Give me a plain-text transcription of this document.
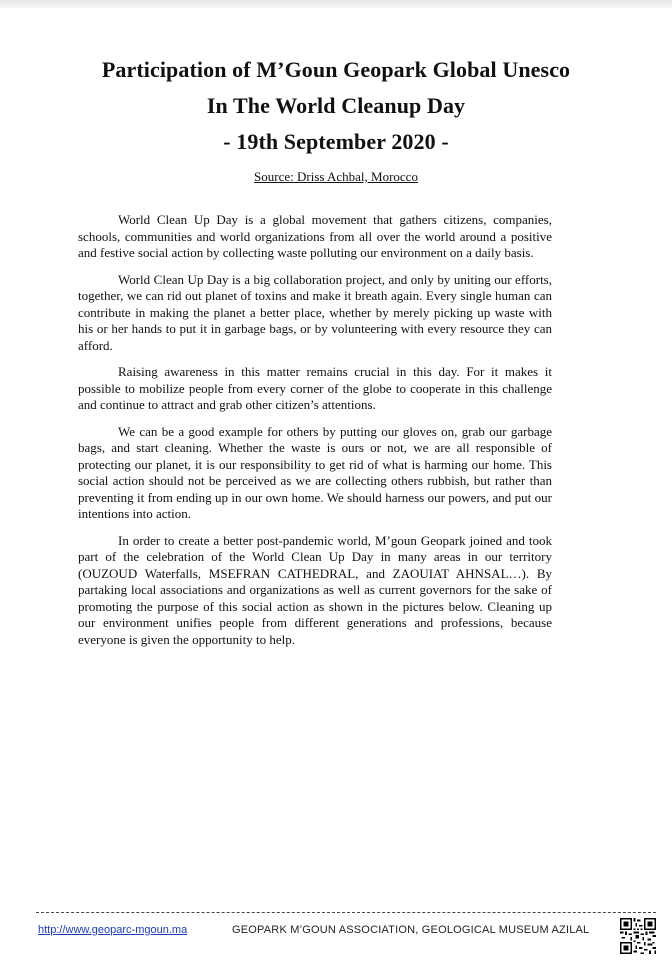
Participation of M’Goun Geopark Global Unesco

In The World Cleanup Day

- 19th September 2020 -

Source: Driss Achbal, Morocco

World Clean Up Day is a global movement that gathers citizens, companies, schools, communities and world organizations from all over the world around a positive and festive social action by collecting waste polluting our environment on a daily basis.

World Clean Up Day is a big collaboration project, and only by uniting our efforts, together, we can rid out planet of toxins and make it breath again. Every single human can contribute in making the planet a better place, whether by merely picking up waste with his or her hands to put it in garbage bags, or by volunteering with every resource they can afford.

Raising awareness in this matter remains crucial in this day. For it makes it possible to mobilize people from every corner of the globe to cooperate in this challenge and continue to attract and grab other citizen’s attentions.

We can be a good example for others by putting our gloves on, grab our garbage bags, and start cleaning. Whether the waste is ours or not, we are all responsible of protecting our planet, it is our responsibility to get rid of what is harming our home. This social action should not be perceived as we are collecting others rubbish, but rather than preventing it from ending up in our own home. We should harness our powers, and put our intentions into action.

In order to create a better post-pandemic world, M’goun Geopark joined and took part of the celebration of the World Clean Up Day in many areas in our territory (OUZOUD Waterfalls, MSEFRAN CATHEDRAL, and ZAOUIAT AHNSAL…). By partaking local associations and organizations as well as current governors for the sake of promoting the purpose of this social action as shown in the pictures below. Cleaning up our environment unifies people from different generations and professions, because everyone is given the opportunity to help.

http://www.geoparc-mgoun.ma	GEOPARK M’GOUN ASSOCIATION, GEOLOGICAL MUSEUM AZILAL
